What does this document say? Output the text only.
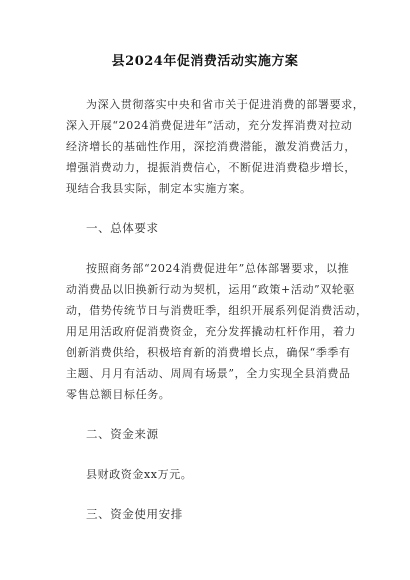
县2024年促消费活动实施方案
为深入贯彻落实中央和省市关于促进消费的部署要求，
深入开展“2024消费促进年”活动，充分发挥消费对拉动
经济增长的基础性作用，深挖消费潜能，激发消费活力，
增强消费动力，提振消费信心，不断促进消费稳步增长，
现结合我县实际，制定本实施方案。
一、总体要求
按照商务部“2024消费促进年”总体部署要求，以推
动消费品以旧换新行动为契机，运用“政策+活动”双轮驱
动，借势传统节日与消费旺季，组织开展系列促消费活动，
用足用活政府促消费资金，充分发挥撬动杠杆作用，着力
创新消费供给，积极培育新的消费增长点，确保“季季有
主题、月月有活动、周周有场景”，全力实现全县消费品
零售总额目标任务。
二、资金来源
县财政资金xx万元。
三、资金使用安排
